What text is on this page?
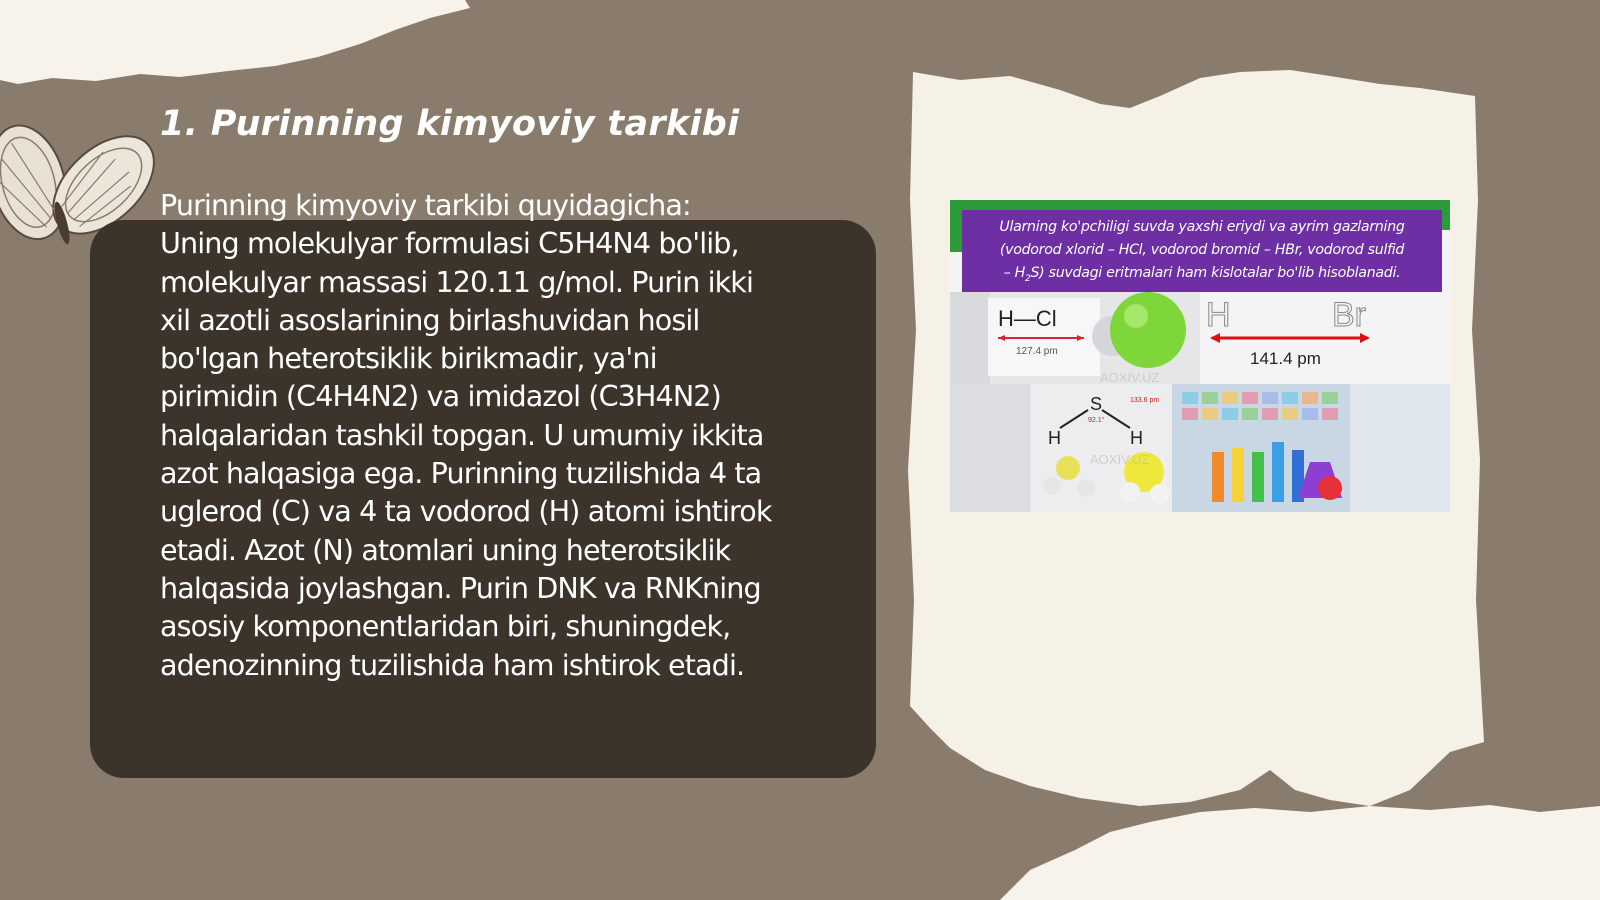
1. Purinning kimyoviy tarkibi
Purinning kimyoviy tarkibi quyidagicha:
Uning molekulyar formulasi C5H4N4 bo'lib,
molekulyar massasi 120.11 g/mol. Purin ikki
xil azotli asoslarining birlashuvidan hosil
bo'lgan heterotsiklik birikmadir, ya'ni
pirimidin (C4H4N2) va imidazol (C3H4N2)
halqalaridan tashkil topgan. U umumiy ikkita
azot halqasiga ega. Purinning tuzilishida 4 ta
uglerod (C) va 4 ta vodorod (H) atomi ishtirok
etadi. Azot (N) atomlari uning heterotsiklik
halqasida joylashgan. Purin DNK va RNKning
asosiy komponentlaridan biri, shuningdek,
adenozinning tuzilishida ham ishtirok etadi.
Ularning ko'pchiligi suvda yaxshi eriydi va ayrim gazlarning
(vodorod xlorid – HCl, vodorod bromid – HBr, vodorod sulfid
– $H_2S$) suvdagi eritmalari ham kislotalar bo'lib hisoblanadi.
H—Cl
127.4 pm
H	Br
141.4 pm
S
H	H
92.1°
133.6 pm
AOXIV.UZ
AOXIV.UZ
